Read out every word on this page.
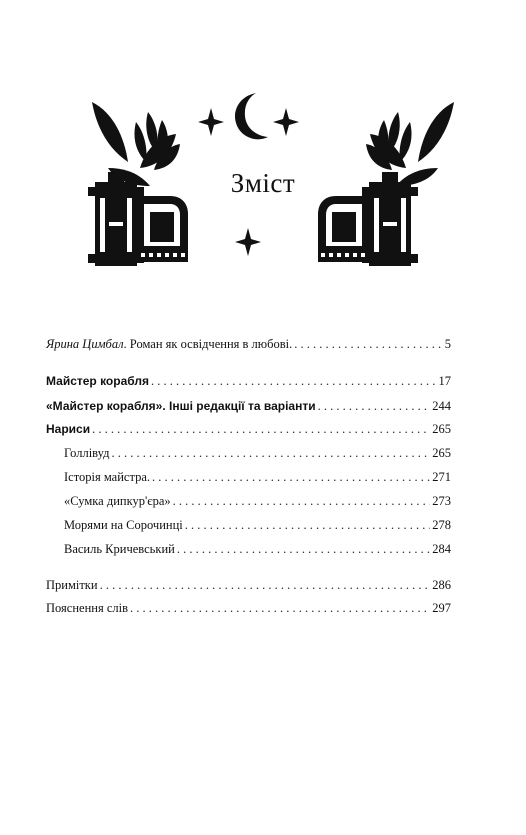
Зміст
Ярина Цимбал. Роман як освідчення в любові. . . .	5
Майстер корабля . . .	17
«Майстер корабля». Інші редакції та варіанти . . .	244
Нариси . . .	265
Голлівуд . . .	265
Історія майстра. . . .	271
«Сумка дипкур'єра» . . .	273
Морями на Сорочинці . . .	278
Василь Кричевський . . .	284
Примітки . . .	286
Пояснення слів . . .	297
